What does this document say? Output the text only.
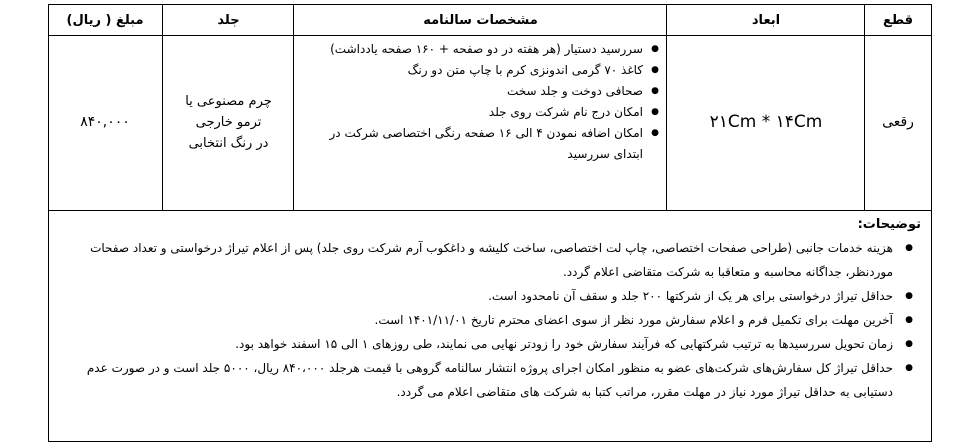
قطع
ابعاد
مشخصات سالنامه
جلد
مبلغ ( ریال)
رقعی
۲۱Cm * ۱۴Cm
● سررسید دستیار (هر هفته در دو صفحه + ۱۶۰ صفحه یادداشت)
● کاغذ ۷۰ گرمی اندونزی کرم با چاپ متن دو رنگ
● صحافی دوخت و جلد سخت
● امکان درج نام شرکت روی جلد
● امکان اضافه نمودن ۴ الی ۱۶ صفحه رنگی اختصاصی شرکت در ابتدای سررسید
چرم مصنوعی یا
ترمو خارجی
در رنگ انتخابی
۸۴۰,۰۰۰
توضیحات:
● هزینه خدمات جانبی (طراحی صفحات اختصاصی، چاپ لت اختصاصی، ساخت کلیشه و داغکوب آرم شرکت روی جلد) پس از اعلام تیراژ درخواستی و تعداد صفحات موردنظر، جداگانه محاسبه و متعاقبا به شرکت متقاضی اعلام گردد.
● حداقل تیراژ درخواستی برای هر یک از شرکتها ۲۰۰ جلد و سقف آن نامحدود است.
● آخرین مهلت برای تکمیل فرم و اعلام سفارش مورد نظر از سوی اعضای محترم تاریخ ۱۴۰۱/۱۱/۰۱ است.
● زمان تحویل سررسیدها به ترتیب شرکتهایی که فرآیند سفارش خود را زودتر نهایی می نمایند، طی روزهای ۱ الی ۱۵ اسفند خواهد بود.
● حداقل تیراژ کل سفارش‌های شرکت‌های عضو به منظور امکان اجرای پروژه انتشار سالنامه گروهی با قیمت هرجلد ۸۴۰،۰۰۰ ریال، ۵۰۰۰ جلد است و در صورت عدم دستیابی به حداقل تیراژ مورد نیاز در مهلت مقرر، مراتب کتبا به شرکت های متقاضی اعلام می گردد.
